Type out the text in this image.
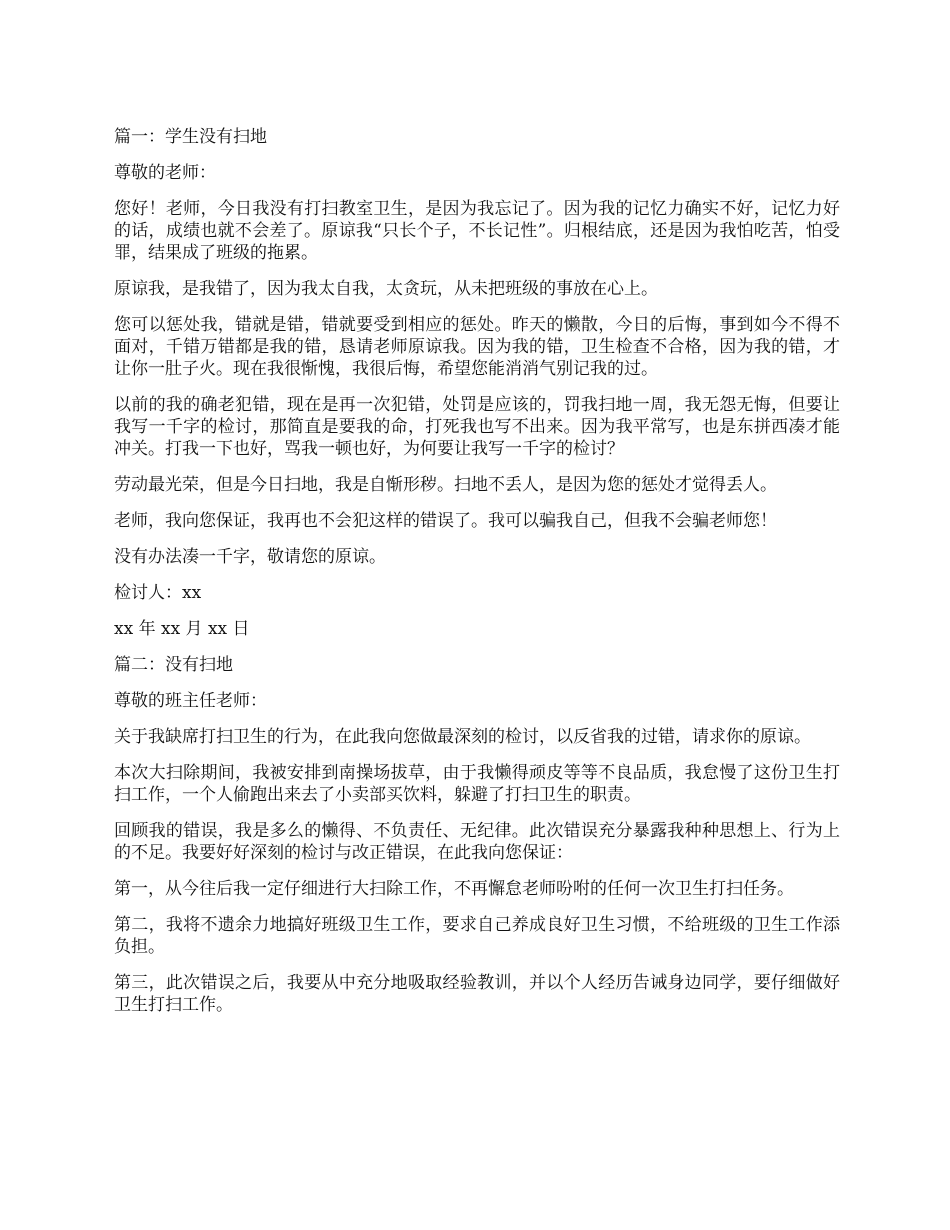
篇一：学生没有扫地

尊敬的老师：

您好！老师，今日我没有打扫教室卫生，是因为我忘记了。因为我的记忆力确实不好，记忆力好的话，成绩也就不会差了。原谅我“只长个子，不长记性”。归根结底，还是因为我怕吃苦，怕受罪，结果成了班级的拖累。

原谅我，是我错了，因为我太自我，太贪玩，从未把班级的事放在心上。

您可以惩处我，错就是错，错就要受到相应的惩处。昨天的懒散，今日的后悔，事到如今不得不面对，千错万错都是我的错，恳请老师原谅我。因为我的错，卫生检查不合格，因为我的错，才让你一肚子火。现在我很惭愧，我很后悔，希望您能消消气别记我的过。

以前的我的确老犯错，现在是再一次犯错，处罚是应该的，罚我扫地一周，我无怨无悔，但要让我写一千字的检讨，那简直是要我的命，打死我也写不出来。因为我平常写，也是东拼西凑才能冲关。打我一下也好，骂我一顿也好，为何要让我写一千字的检讨？

劳动最光荣，但是今日扫地，我是自惭形秽。扫地不丢人，是因为您的惩处才觉得丢人。

老师，我向您保证，我再也不会犯这样的错误了。我可以骗我自己，但我不会骗老师您！

没有办法凑一千字，敬请您的原谅。

检讨人：xx

xx 年 xx 月 xx 日

篇二：没有扫地

尊敬的班主任老师：

关于我缺席打扫卫生的行为，在此我向您做最深刻的检讨，以反省我的过错，请求你的原谅。

本次大扫除期间，我被安排到南操场拔草，由于我懒得顽皮等等不良品质，我怠慢了这份卫生打扫工作，一个人偷跑出来去了小卖部买饮料，躲避了打扫卫生的职责。

回顾我的错误，我是多么的懒得、不负责任、无纪律。此次错误充分暴露我种种思想上、行为上的不足。我要好好深刻的检讨与改正错误，在此我向您保证：

第一，从今往后我一定仔细进行大扫除工作，不再懈怠老师吩咐的任何一次卫生打扫任务。

第二，我将不遗余力地搞好班级卫生工作，要求自己养成良好卫生习惯，不给班级的卫生工作添负担。

第三，此次错误之后，我要从中充分地吸取经验教训，并以个人经历告诫身边同学，要仔细做好卫生打扫工作。
